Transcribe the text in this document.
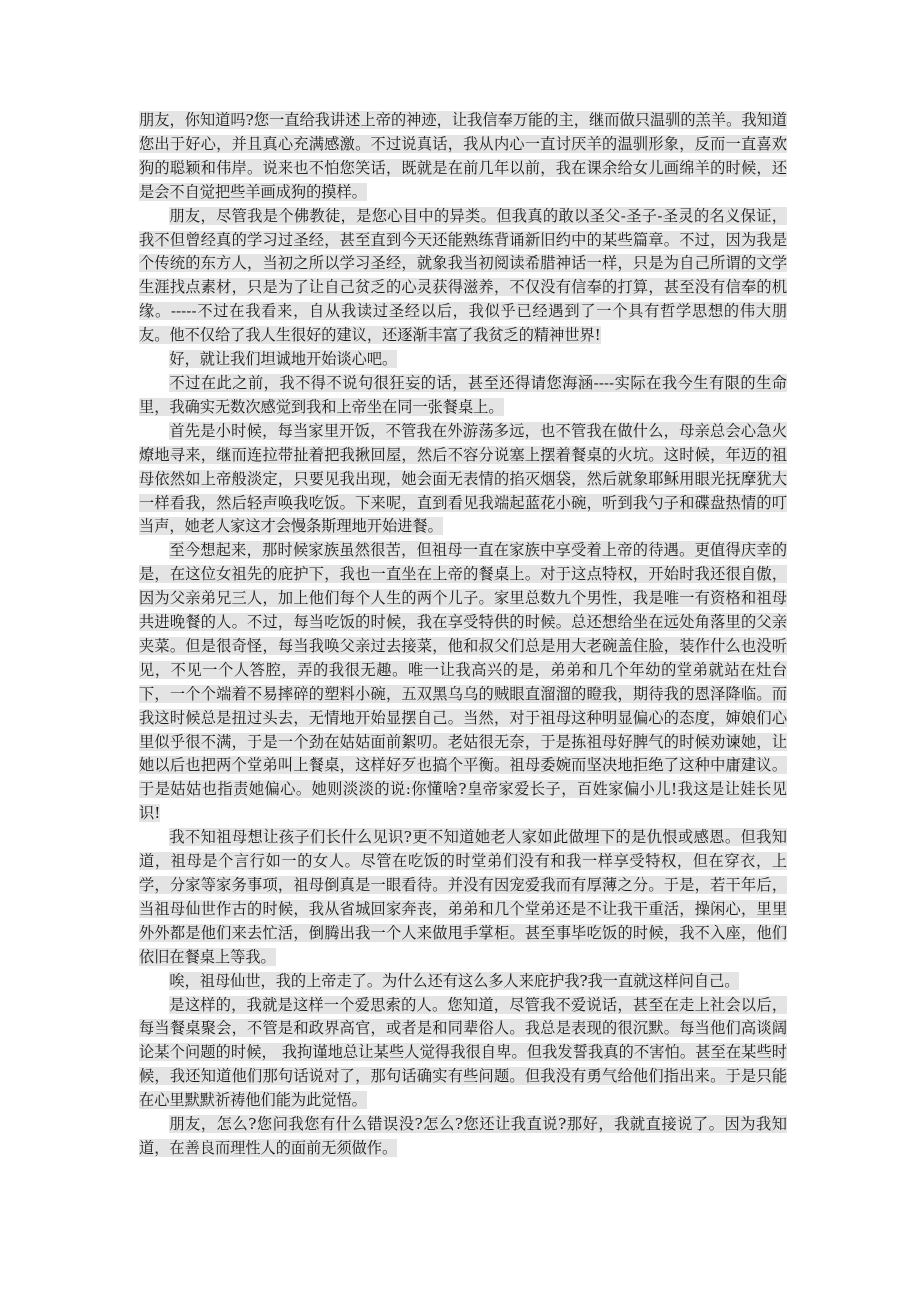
朋友，你知道吗?您一直给我讲述上帝的神迹，让我信奉万能的主，继而做只温驯的羔羊。我知道您出于好心，并且真心充满感激。不过说真话，我从内心一直讨厌羊的温驯形象，反而一直喜欢狗的聪颖和伟岸。说来也不怕您笑话，既就是在前几年以前，我在课余给女儿画绵羊的时候，还是会不自觉把些羊画成狗的摸样。

朋友，尽管我是个佛教徒，是您心目中的异类。但我真的敢以圣父-圣子-圣灵的名义保证，我不但曾经真的学习过圣经，甚至直到今天还能熟练背诵新旧约中的某些篇章。不过，因为我是个传统的东方人，当初之所以学习圣经，就象我当初阅读希腊神话一样，只是为自己所谓的文学生涯找点素材，只是为了让自己贫乏的心灵获得滋养，不仅没有信奉的打算，甚至没有信奉的机缘。-----不过在我看来，自从我读过圣经以后，我似乎已经遇到了一个具有哲学思想的伟大朋友。他不仅给了我人生很好的建议，还逐渐丰富了我贫乏的精神世界!

好，就让我们坦诚地开始谈心吧。

不过在此之前，我不得不说句很狂妄的话，甚至还得请您海涵----实际在我今生有限的生命里，我确实无数次感觉到我和上帝坐在同一张餐桌上。

首先是小时候，每当家里开饭，不管我在外游荡多远，也不管我在做什么，母亲总会心急火燎地寻来，继而连拉带扯着把我揪回屋，然后不容分说塞上摆着餐桌的火坑。这时候，年迈的祖母依然如上帝般淡定，只要见我出现，她会面无表情的掐灭烟袋，然后就象耶稣用眼光抚摩犹大一样看我，然后轻声唤我吃饭。下来呢，直到看见我端起蓝花小碗，听到我勺子和碟盘热情的叮当声，她老人家这才会慢条斯理地开始进餐。

至今想起来，那时候家族虽然很苦，但祖母一直在家族中享受着上帝的待遇。更值得庆幸的是，在这位女祖先的庇护下，我也一直坐在上帝的餐桌上。对于这点特权，开始时我还很自傲，因为父亲弟兄三人，加上他们每个人生的两个儿子。家里总数九个男性，我是唯一有资格和祖母共进晚餐的人。不过，每当吃饭的时候，我在享受特供的时候。总还想给坐在远处角落里的父亲夹菜。但是很奇怪，每当我唤父亲过去接菜，他和叔父们总是用大老碗盖住脸，装作什么也没听见，不见一个人答腔，弄的我很无趣。唯一让我高兴的是，弟弟和几个年幼的堂弟就站在灶台下，一个个端着不易摔碎的塑料小碗，五双黑乌乌的贼眼直溜溜的瞪我，期待我的恩泽降临。而我这时候总是扭过头去，无情地开始显摆自己。当然，对于祖母这种明显偏心的态度，婶娘们心里似乎很不满，于是一个劲在姑姑面前絮叨。老姑很无奈，于是拣祖母好脾气的时候劝谏她，让她以后也把两个堂弟叫上餐桌，这样好歹也搞个平衡。祖母委婉而坚决地拒绝了这种中庸建议。于是姑姑也指责她偏心。她则淡淡的说:你懂啥?皇帝家爱长子，百姓家偏小儿!我这是让娃长见识!

我不知祖母想让孩子们长什么见识?更不知道她老人家如此做埋下的是仇恨或感恩。但我知道，祖母是个言行如一的女人。尽管在吃饭的时堂弟们没有和我一样享受特权，但在穿衣，上学，分家等家务事项，祖母倒真是一眼看待。并没有因宠爱我而有厚薄之分。于是，若干年后，当祖母仙世作古的时候，我从省城回家奔丧，弟弟和几个堂弟还是不让我干重活，操闲心，里里外外都是他们来去忙活，倒腾出我一个人来做甩手掌柜。甚至事毕吃饭的时候，我不入座，他们依旧在餐桌上等我。

唉，祖母仙世，我的上帝走了。为什么还有这么多人来庇护我?我一直就这样问自己。

是这样的，我就是这样一个爱思索的人。您知道，尽管我不爱说话，甚至在走上社会以后，每当餐桌聚会，不管是和政界高官，或者是和同辈俗人。我总是表现的很沉默。每当他们高谈阔论某个问题的时候， 我拘谨地总让某些人觉得我很自卑。但我发誓我真的不害怕。甚至在某些时候，我还知道他们那句话说对了，那句话确实有些问题。但我没有勇气给他们指出来。于是只能在心里默默祈祷他们能为此觉悟。

朋友，怎么?您问我您有什么错误没?怎么?您还让我直说?那好，我就直接说了。因为我知道，在善良而理性人的面前无须做作。
